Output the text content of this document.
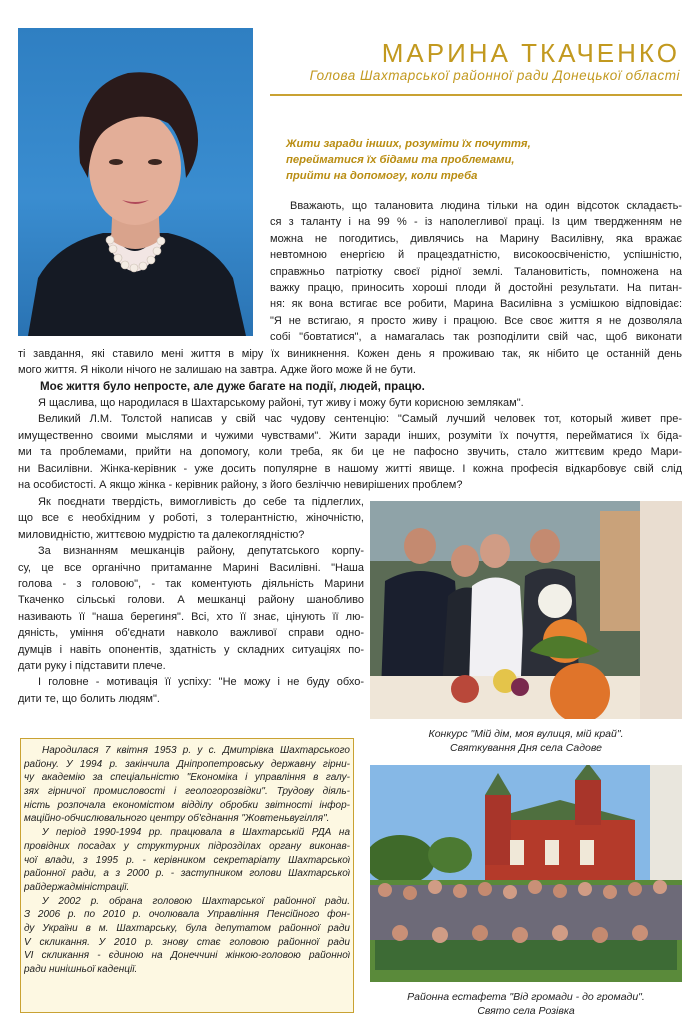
МАРИНА ТКАЧЕНКО
Голова Шахтарської районної ради Донецької області
Жити заради інших, розуміти їх почуття,
перейматися їх бідами та проблемами,
прийти на допомогу, коли треба
Вважають, що талановита людина тільки на один відсоток складаєть-
ся з таланту і на 99 % - із наполегливої праці. Із цим твердженням не
можна не погодитись, дивлячись на Марину Василівну, яка вражає
невтомною енергією й працездатністю, високоосвіченістю, успішністю,
справжньо патріотку своєї рідної землі. Талановитість, помножена на
важку працю, приносить хороші плоди й достойні результати. На питан-
ня: як вона встигає все робити, Марина Василівна з усмішкою відповідає:
"Я не встигаю, я просто живу і працюю. Все своє життя я не дозволяла
собі "бовтатися", а намагалась так розподілити свій час, щоб виконати
ті завдання, які ставило мені життя в міру їх виникнення. Кожен день я проживаю так, як нібито це останній день
мого життя. Я ніколи нічого не залишаю на завтра. Адже його може й не бути.
Моє життя було непросте, але дуже багате на події, людей, працю.
Я щаслива, що народилася в Шахтарському районі, тут живу і можу бути корисною землякам".
Великий Л.М. Толстой написав у свій час чудову сентенцію: "Самый лучший человек тот, который живет пре-
имущественно своими мыслями и чужими чувствами". Жити заради інших, розуміти їх почуття, перейматися їх біда-
ми та проблемами, прийти на допомогу, коли треба, як би це не пафосно звучить, стало життєвим кредо Мари-
ни Василівни. Жінка-керівник - уже досить популярне в нашому житті явище. І кожна професія відкарбовує свій слід
на особистості. А якщо жінка - керівник району, з його безліччю невирішених проблем?
Як поєднати твердість, вимогливість до себе та підлеглих,
що все є необхідним у роботі, з толерантністю, жіночністю,
миловидністю, життєвою мудрістю та далекоглядністю?
За визнанням мешканців району, депутатського корпу-
су, це все органічно притаманне Марині Василівні. "Наша
голова - з головою", - так коментують діяльність Марини
Ткаченко сільські голови. А мешканці району шанобливо
називають її "наша берегиня". Всі, хто її знає, цінують її лю-
дяність, уміння об'єднати навколо важливої справи одно-
думців і навіть опонентів, здатність у складних ситуаціях по-
дати руку і підставити плече.
І головне - мотивація її успіху: "Не можу і не буду обхо-
дити те, що болить людям".
Конкурс "Мій дім, моя вулиця, мій край".
Святкування Дня села Садове
Районна естафета "Від громади - до громади".
Свято села Розівка
Народилася 7 квітня 1953 р. у с. Дмитрівка Шахтарського
району. У 1994 р. закінчила Дніпропетровську державну гірни-
чу академію за спеціальністю "Економіка і управління в галу-
зях гірничої промисловості і геологорозвідки". Трудову діяль-
ність розпочала економістом відділу обробки звітності інфор-
маційно-обчислювального центру об'єднання "Жовтеньвугілля".
У період 1990-1994 рр. працювала в Шахтарській РДА на
провідних посадах у структурних підрозділах органу виконав-
чої влади, з 1995 р. - керівником секретаріату Шахтарської
районної ради, а з 2000 р. - заступником голови Шахтарської
райдержадміністрації.
У 2002 р. обрана головою Шахтарської районної ради.
З 2006 р. по 2010 р. очолювала Управління Пенсійного фон-
ду України в м. Шахтарську, була депутатом районної ради
V скликання. У 2010 р. знову стає головою районної ради
VI скликання - єдиною на Донеччині жінкою-головою районної
ради нинішньої каденції.
